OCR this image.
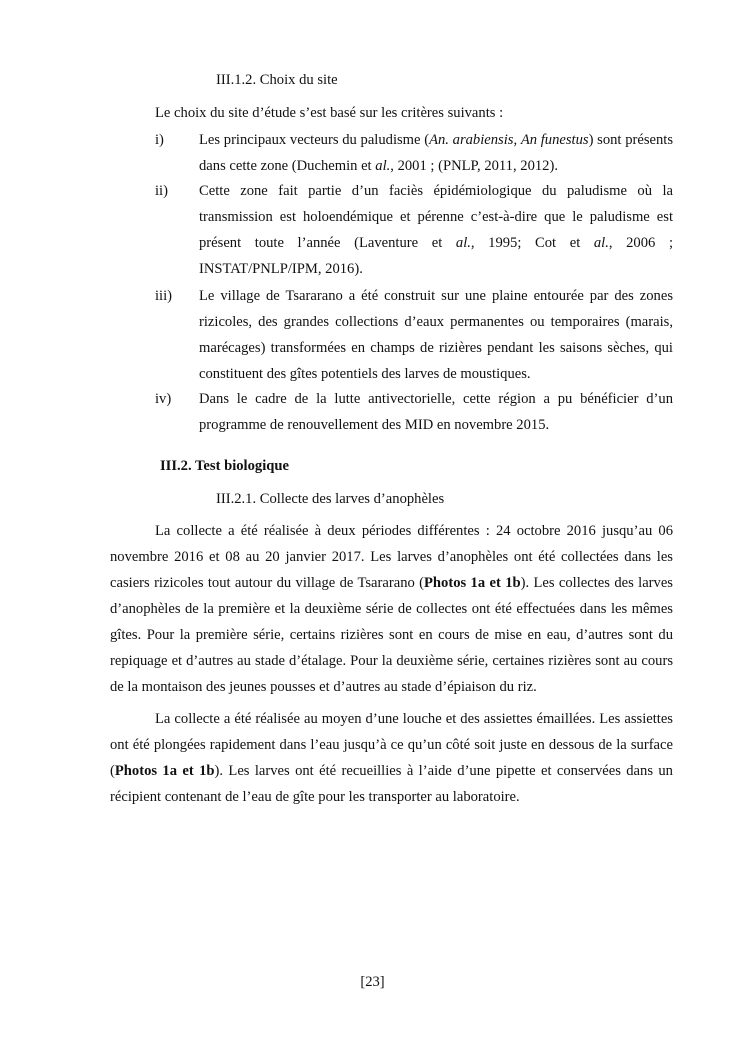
III.1.2. Choix du site

Le choix du site d’étude s’est basé sur les critères suivants :

i)	Les principaux vecteurs du paludisme (An. arabiensis, An funestus) sont présents dans cette zone (Duchemin et al., 2001 ; (PNLP, 2011, 2012).
ii)	Cette zone fait partie d’un faciès épidémiologique du paludisme où la transmission est holoendémique et pérenne c’est-à-dire que le paludisme est présent toute l’année (Laventure et al., 1995; Cot et al., 2006 ; INSTAT/PNLP/IPM, 2016).
iii)	Le village de Tsararano a été construit sur une plaine entourée par des zones rizicoles, des grandes collections d’eaux permanentes ou temporaires (marais, marécages) transformées en champs de rizières pendant les saisons sèches, qui constituent des gîtes potentiels des larves de moustiques.
iv)	Dans le cadre de la lutte antivectorielle, cette région a pu bénéficier d’un programme de renouvellement des MID en novembre 2015.
III.2. Test biologique
III.2.1. Collecte des larves d’anophèles

La collecte a été réalisée à deux périodes différentes : 24 octobre 2016 jusqu’au 06 novembre 2016 et 08 au 20 janvier 2017. Les larves d’anophèles ont été collectées dans les casiers rizicoles tout autour du village de Tsararano (Photos 1a et 1b). Les collectes des larves d’anophèles de la première et la deuxième série de collectes ont été effectuées dans les mêmes gîtes. Pour la première série, certains rizières sont en cours de mise en eau, d’autres sont du repiquage et d’autres au stade d’étalage. Pour la deuxième série, certaines rizières sont au cours de la montaison des jeunes pousses et d’autres au stade d’épiaison du riz.

La collecte a été réalisée au moyen d’une louche et des assiettes émaillées. Les assiettes ont été plongées rapidement dans l’eau jusqu’à ce qu’un côté soit juste en dessous de la surface (Photos 1a et 1b). Les larves ont été recueillies à l’aide d’une pipette et conservées dans un récipient contenant de l’eau de gîte pour les transporter au laboratoire.

[23]
